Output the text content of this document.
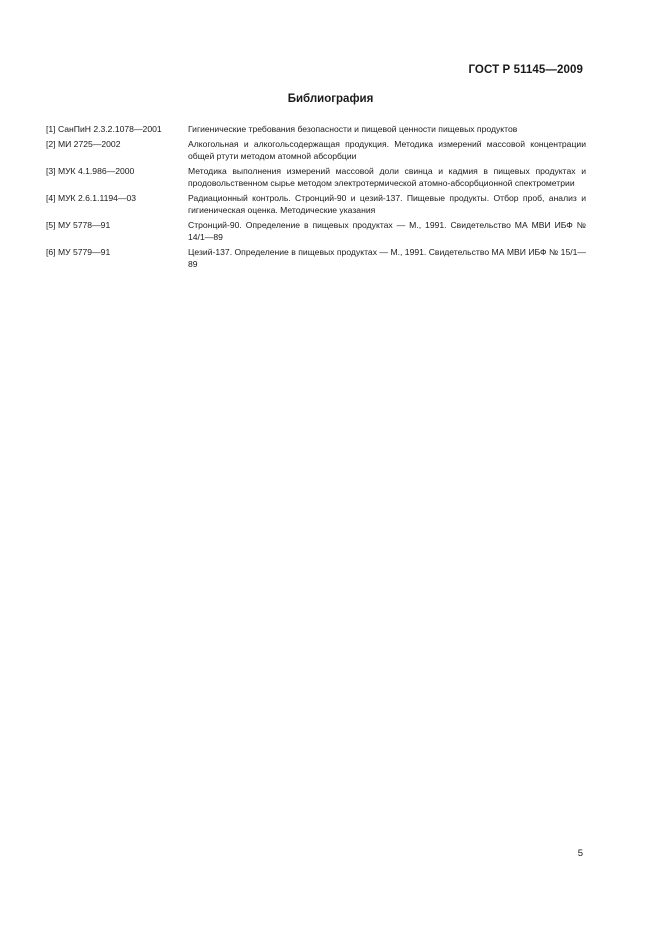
ГОСТ Р 51145—2009
Библиография
[1] СанПиН 2.3.2.1078—2001	Гигиенические требования безопасности и пищевой ценности пищевых продуктов
[2] МИ 2725—2002	Алкогольная и алкогольсодержащая продукция. Методика измерений массовой концентрации общей ртути методом атомной абсорбции
[3] МУК 4.1.986—2000	Методика выполнения измерений массовой доли свинца и кадмия в пищевых продуктах и продовольственном сырье методом электротермической атомно-абсорбционной спектрометрии
[4] МУК 2.6.1.1194—03	Радиационный контроль. Стронций-90 и цезий-137. Пищевые продукты. Отбор проб, анализ и гигиеническая оценка. Методические указания
[5] МУ 5778—91	Стронций-90. Определение в пищевых продуктах — М., 1991. Свидетельство МА МВИ ИБФ № 14/1—89
[6] МУ 5779—91	Цезий-137. Определение в пищевых продуктах — М., 1991. Свидетельство МА МВИ ИБФ № 15/1—89
5
